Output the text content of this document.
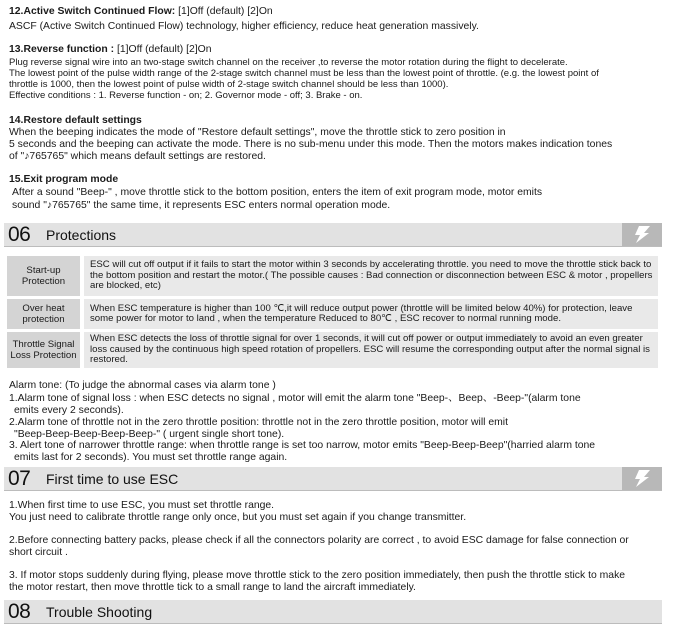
12.Active Switch Continued Flow: [1]Off (default) [2]On
ASCF (Active Switch Continued Flow) technology, higher efficiency, reduce heat generation massively.
13.Reverse function : [1]Off (default) [2]On
Plug reverse signal wire into an two-stage switch channel on the receiver ,to reverse the motor rotation during the flight to decelerate.
The lowest point of the pulse width range of the 2-stage switch channel must be less than the lowest point of throttle. (e.g. the lowest point of
throttle is 1000, then the lowest point of pulse width of 2-stage switch channel should be less than 1000).
Effective conditions : 1. Reverse function - on; 2. Governor mode - off; 3. Brake - on.
14.Restore default settings
When the beeping indicates the mode of "Restore default settings", move the throttle stick to zero position in
5 seconds and the beeping can activate the mode. There is no sub-menu under this mode. Then the motors makes indication tones
of "♪765765" which means default settings are restored.
15.Exit program mode
After a sound "Beep-" , move throttle stick to the bottom position, enters the item of exit program mode, motor emits
sound "♪765765" the same time, it represents ESC enters normal operation mode.
06 Protections
Start-up Protection		ESC will cut off output if it fails to start the motor within 3 seconds by accelerating throttle. you need to move the throttle stick back to the bottom position and restart the motor.( The possible causes : Bad connection or disconnection between ESC & motor , propellers are blocked, etc)
Over heat protection		When ESC temperature is higher than 100 ℃,it will reduce output power (throttle will be limited below 40%) for protection, leave some power for motor to land , when the temperature Reduced to 80℃ , ESC recover to normal running mode.
Throttle Signal Loss Protection		When ESC detects the loss of throttle signal for over 1 seconds, it will cut off power or output immediately to avoid an even greater loss caused by the continuous high speed rotation of propellers. ESC will resume the corresponding output after the normal signal is restored.
Alarm tone: (To judge the abnormal cases via alarm tone )
1.Alarm tone of signal loss : when ESC detects no signal , motor will emit the alarm tone "Beep-、Beep、-Beep-"(alarm tone
emits every 2 seconds).
2.Alarm tone of throttle not in the zero throttle position: throttle not in the zero throttle position, motor will emit
"Beep-Beep-Beep-Beep-Beep-" ( urgent single short tone).
3. Alert tone of narrower throttle range: when throttle range is set too narrow, motor emits "Beep-Beep-Beep"(harried alarm tone
emits last for 2 seconds). You must set throttle range again.
07 First time to use ESC
1.When first time to use ESC, you must set throttle range.
You just need to calibrate throttle range only once, but you must set again if you change transmitter.
2.Before connecting battery packs, please check if all the connectors polarity are correct , to avoid ESC damage for false connection or
short circuit .
3. If motor stops suddenly during flying, please move throttle stick to the zero position immediately, then push the throttle stick to make
the motor restart, then move throttle tick to a small range to land the aircraft immediately.
08 Trouble Shooting
